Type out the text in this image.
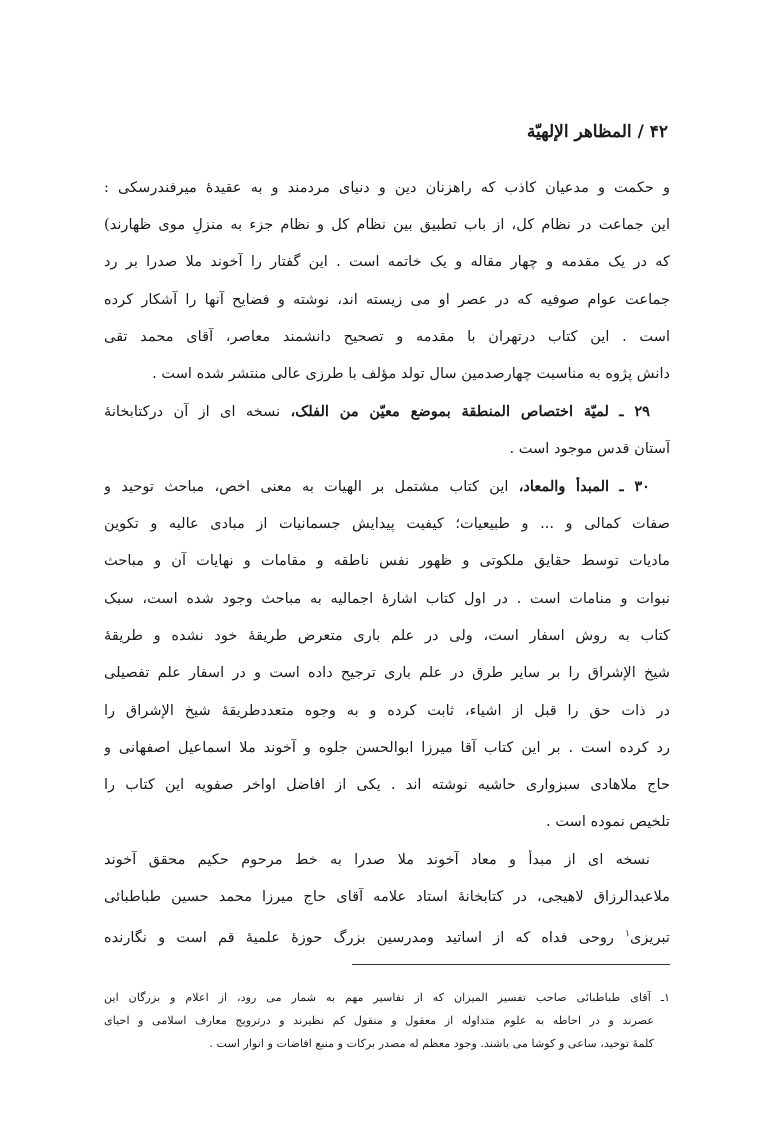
۴۲ / المظاهر الإلهيّة
و حکمت و مدعیان کاذب که راهزنان دین و دنیای مردمند و به عقیدهٔ میرفندرسکی :
این جماعت در نظام کل، از باب تطبیق بین نظام کل و نظام جزء به منزلِ موی ظهارند)
که در یک مقدمه و چهار مقاله و یک خاتمه است . این گفتار را آخوند ملا صدرا بر رد
جماعت عوام صوفیه که در عصر او می زیسته اند، نوشته و فضایح آنها را آشکار کرده
است . این کتاب درتهران با مقدمه و تصحیح دانشمند معاصر، آقای محمد تقی
دانش پژوه به مناسبت چهارصدمین سال تولد مؤلف با طرزی عالی منتشر شده است .
۲۹ ـ لمیّة اختصاص المنطقة بموضع معیّن من الفلک، نسخه ای از آن درکتابخانهٔ
آستان قدس موجود است .
۳۰ ـ المبدأ والمعاد، این کتاب مشتمل بر الهیات به معنی اخص، مباحث توحید و
صفات کمالی و ... و طبیعیات؛ کیفیت پیدایش جسمانیات از مبادی عالیه و تکوین
مادیات توسط حقایق ملکوتی و ظهور نفس ناطقه و مقامات و نهایات آن و مباحث
نبوات و منامات است . در اول کتاب اشارهٔ اجمالیه به مباحث وجود شده است، سبک
کتاب به روش اسفار است، ولی در علم باری متعرض طریقهٔ خود نشده و طریقهٔ
شیخ الإشراق را بر سایر طرق در علم باری ترجیح داده است و در اسفار علم تفصیلی
در ذات حق را قبل از اشیاء، ثابت کرده و به وجوه متعددطریقهٔ شیخ الإشراق را
رد کرده است . بر این کتاب آقا میرزا ابوالحسن جلوه و آخوند ملا اسماعیل اصفهانی و
حاج ملاهادی سبزواری حاشیه نوشته اند . یکی از افاضل اواخر صفویه این کتاب را
تلخیص نموده است .
نسخه ای از مبدأ و معاد آخوند ملا صدرا به خط مرحوم حکیم محقق آخوند
ملاعبدالرزاق لاهیجی، در کتابخانهٔ استاد علامه آقای حاج میرزا محمد حسین طباطبائی
تبریزی$^۱$ روحی فداه که از اساتید ومدرسین بزرگ حوزهٔ علمیهٔ قم است و نگارنده
۱ـ آقای طباطبائی صاحب تفسیر المیزان که از تفاسیر مهم به شمار می رود، از اعلام و بزرگان این
عصرند و در احاطه به علوم متداوله از معقول و منقول کم نظیرند و درترویج معارف اسلامی و احیای
کلمهٔ توحید، ساعی و کوشا می باشند. وجود معظم له مصدر برکات و منبع افاضات و انوار است .
